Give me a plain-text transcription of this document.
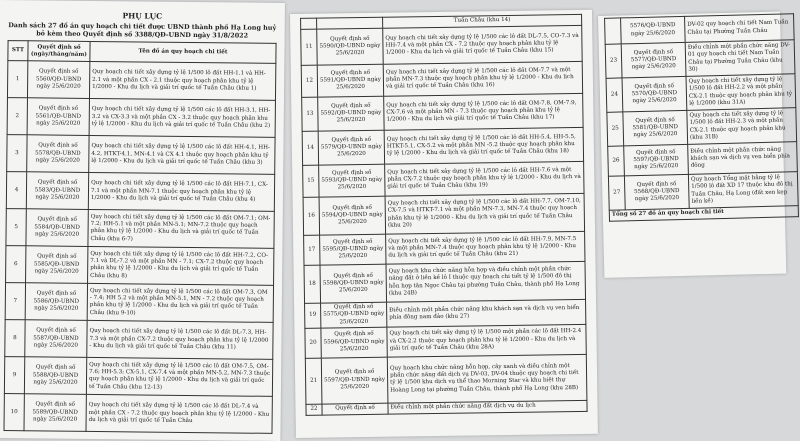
PHỤ LỤC
Danh sách 27 đồ án quy hoạch chi tiết được UBND thành phố Hạ Long huỷ bỏ kèm theo Quyết định số 3388/QĐ-UBND ngày 31/8/2022
STT	Quyết định số (ngày/tháng/năm)	Tên đồ án quy hoạch chi tiết
1	Quyết định số 5560/QĐ-UBND ngày 25/6/2020	Quy hoạch chi tiết xây dựng tỷ lệ 1/500 lô đất HH-1.1 và HH-2.1 và một phần CX - 2.1 thuộc quy hoạch phân khu tỷ lệ 1/2000 - Khu du lịch và giải trí quốc tế Tuần Châu (khu 1)
2	Quyết định số 5561/QĐ-UBND ngày 25/6/2020	Quy hoạch chi tiết xây dựng tỷ lệ 1/500 các lô đất HH-3.1, HH-3.2 và CX-3.3 và một phần CX - 3.2 thuộc quy hoạch phân khu tỷ lệ 1/2000 - Khu du lịch và giải trí quốc tế Tuần Châu (khu 2)
3	Quyết định số 5578/QĐ-UBND ngày 25/6/2020	Quy hoạch chi tiết xây dựng tỷ lệ 1/500 các lô đất HH-4.1, HH-4.2, HTKT-4.1, MN-4.1 và CX 4.1 thuộc quy hoạch phân khu tỷ lệ 1/2000 - Khu du lịch và giải trí quốc tế Tuần Châu (khu 3)
4	Quyết định số 5583/QĐ-UBND ngày 25/6/2020	Quy hoạch chi tiết xây dựng tỷ lệ 1/500 các lô đất HH-7.1, CX-7.1 và một phần MN-7.1 thuộc quy hoạch phân khu tỷ lệ 1/2000 - Khu du lịch và giải trí quốc tế Tuần Châu (khu 4)
5	Quyết định số 5584/QĐ-UBND ngày 25/6/2020	Quy hoạch chi tiết xây dựng tỷ lệ 1/500 các lô đất OM-7.1; OM-7.2; HH-5.1 và một phần MN-5.1; MN-7.2 thuộc quy hoạch phân khu tỷ lệ 1/2000 - Khu du lịch và giải trí quốc tế Tuần Châu (khu 6-7)
6	Quyết định số 5585/QĐ-UBND ngày 25/6/2020	Quy hoạch chi tiết xây dựng tỷ lệ 1/500 các lô đất HH-7.2, CO-7.1 và DL-7.2 và một phần MN - 7.1; CX-7.2 thuộc quy hoạch phân khu tỷ lệ 1/2000 - Khu du lịch và giải trí quốc tế Tuần Châu (khu 8)
7	Quyết định số 5586/QĐ-UBND ngày 25/6/2020	Quy hoạch chi tiết xây dựng tỷ lệ 1/500 các lô đất OM-7.3, OM - 7.4; HH 5.2 và một phần MN-5.1, MN - 7.2 thuộc quy hoạch phân khu tỷ lệ 1/2000 - Khu du lịch và giải trí quốc tế Tuần Châu (khu 9-10)
8	Quyết định số 5587/QĐ-UBND ngày 25/6/2020	Quy hoạch chi tiết xây dựng tỷ lệ 1/500 các lô đất DL-7.3, HH-7.3 và một phần CX-7.2 thuộc quy hoạch phân khu tỷ lệ 1/2000 - Khu du lịch và giải trí quốc tế Tuần Châu (khu 11)
9	Quyết định số 5588/QĐ-UBND ngày 25/6/2020	Quy hoạch chi tiết xây dựng tỷ lệ 1/500 các lô đất OM-7.5, OM-7.6; HH-5.3; CX-5.1, CX-7.4 và một phần MN-5.2, MN-7.3 thuộc quy hoạch phân khu tỷ lệ 1/2000 - Khu du lịch và giải trí quốc tế Tuần Châu (khu 12-13)
10	Quyết định số 5589/QĐ-UBND ngày 25/6/2020	Quy hoạch chi tiết xây dựng tỷ lệ 1/500 các lô đất DL-7.4 và một phần CX - 7.2 thuộc quy hoạch phân khu tỷ lệ 1/2000 - Khu du lịch và giải trí quốc tế Tuần Châu
		Tuần Châu (khu 14)
11	Quyết định số 5590/QĐ-UBND ngày 25/6/2020	Quy hoạch chi tiết xây dựng tỷ lệ 1/500 các lô đất DL-7.5, CO-7.3 và HH-7.4 và một phần CX - 7.2 thuộc quy hoạch phân khu tỷ lệ 1/2000 - Khu du lịch và giải trí quốc tế Tuần Châu (khu 15)
12	Quyết định số 5591/QĐ-UBND ngày 25/6/2020	Quy hoạch chi tiết xây dựng tỷ lệ 1/500 các lô đất OM-7.7 và một phần MN-7.3 thuộc quy hoạch phân khu tỷ lệ 1/2000 - Khu du lịch và giải trí quốc tế Tuần Châu (khu 16)
13	Quyết định số 5592/QĐ-UBND ngày 25/6/2020	Quy hoạch chi tiết xây dựng tỷ lệ 1/500 các lô đất OM-7.8, OM-7.9, CX-7.6 và một phần MN - 7.3 thuộc quy hoạch phân khu tỷ lệ 1/2000 - Khu du lịch và giải trí quốc tế Tuần Châu (khu 17)
14	Quyết định số 5579/QĐ-UBND ngày 25/6/2020	Quy hoạch chi tiết xây dựng tỷ lệ 1/500 các lô đất HH-5.4, HH-5.5, HTKT-5.1, CX-5.2 và một phần MN -5.2 thuộc quy hoạch phân khu tỷ lệ 1/2000 - Khu du lịch và giải trí quốc tế Tuần Châu (khu 18)
15	Quyết định số 5593/QĐ-UBND ngày 25/6/2020	Quy hoạch chi tiết xây dựng tỷ lệ 1/500 các lô đất HH-7.6 và một phần CX-7.2 thuộc quy hoạch phân khu tỷ lệ 1/2000 - Khu du lịch và giải trí quốc tế Tuần Châu (khu 19)
16	Quyết định số 5594/QĐ-UBND ngày 25/6/2020	Quy hoạch chi tiết xây dựng tỷ lệ 1/500 các lô đất HH-7.7, OM-7.10, CX-7.5 và HTKT-7.1 và một phần MN-7.3, MN-7.4 thuộc quy hoạch phân khu tỷ lệ 1/2000 - Khu du lịch và giải trí quốc tế Tuần Châu (khu 20)
17	Quyết định số 5595/QĐ-UBND ngày 25/6/2020	Quy hoạch chi tiết xây dựng tỷ lệ 1/500 các lô đất HH-7.9, MN-7.5 và một phần MN-7.4 thuộc quy hoạch phân khu tỷ lệ 1/2000 - Khu du lịch và giải trí quốc tế Tuần Châu (khu 21)
18	Quyết định số 5598/QĐ-UBND ngày 25/6/2020	Quy hoạch khu chức năng hỗn hợp và điều chỉnh một phần chức năng đất ở liền kề lô I thuộc quy hoạch chi tiết tỷ lệ 1/500 đô thị hỗn hợp tân Ngọc Châu tại phường Tuần Châu, thành phố Hạ Long (khu 24B)
19	Quyết định số 5575/QĐ-UBND ngày 25/6/2020	Điều chỉnh một phần chức năng khu khách sạn và dịch vụ ven biển phía đông nam đảo (khu 27)
20	Quyết định số 5596/QĐ-UBND ngày 25/6/2020	Quy hoạch chi tiết xây dựng tỷ lệ 1/500 một phần các lô đất HH-2.4 và CX-2.2 thuộc quy hoạch phân khu tỷ lệ 1/2000 - Khu du lịch và giải trí quốc tế Tuần Châu (khu 28A)
21	Quyết định số 5597/QĐ-UBND ngày 25/6/2020	Quy hoạch khu chức năng hỗn hợp, cây xanh và điều chỉnh một phần chức năng đất dịch vụ DV-03, DV-04 thuộc quy hoạch chi tiết tỷ lệ 1/500 khu dịch vụ thể thao Morning Star và khu biệt thự Hoàng Long tại phường Tuần Châu, thành phố Hạ Long (khu 28B)
22	Quyết định số	Điều chỉnh một phần chức năng đất dịch vụ du lịch
	5576/QĐ-UBND ngày 25/6/2020	DV-02 quy hoạch chi tiết Nam Tuần Châu tại Phường Tuần Châu
23	Quyết định số 5577/QĐ-UBND ngày 25/6/2020	Điều chỉnh một phần chức năng DV-01 quy hoạch chi tiết Nam Tuần Châu tại Phường Tuần Châu (khu 30)
24	Quyết định số 5570/QĐ-UBND ngày 25/6/2020	Quy hoạch chi tiết xây dựng tỷ lệ 1/500 lô đất HH-2.2 và một phần CX-2.1 thuộc quy hoạch phân khu tỷ lệ 1/2000 (khu 31A)
25	Quyết định số 5581/QĐ-UBND ngày 25/6/2020	Quy hoạch chi tiết xây dựng tỷ lệ 1/500 lô đất HH-2.3 và một phần CX-2.1 thuộc quy hoạch phân khu (khu 31B)
26	Quyết định số 5597/QĐ-UBND ngày 25/6/2020	Điều chỉnh một phần chức năng khách sạn và dịch vụ ven biển phía đông
27	Quyết định số 5568/QĐ-UBND ngày 25/6/2020	Quy hoạch Tổng mặt bằng tỷ lệ 1/500 lô đất XD 17 thuộc khu đô thị Tuần Châu, Hạ Long (đất xen kẹp liền kề)
Tổng số 27 đồ án quy hoạch chi tiết		
